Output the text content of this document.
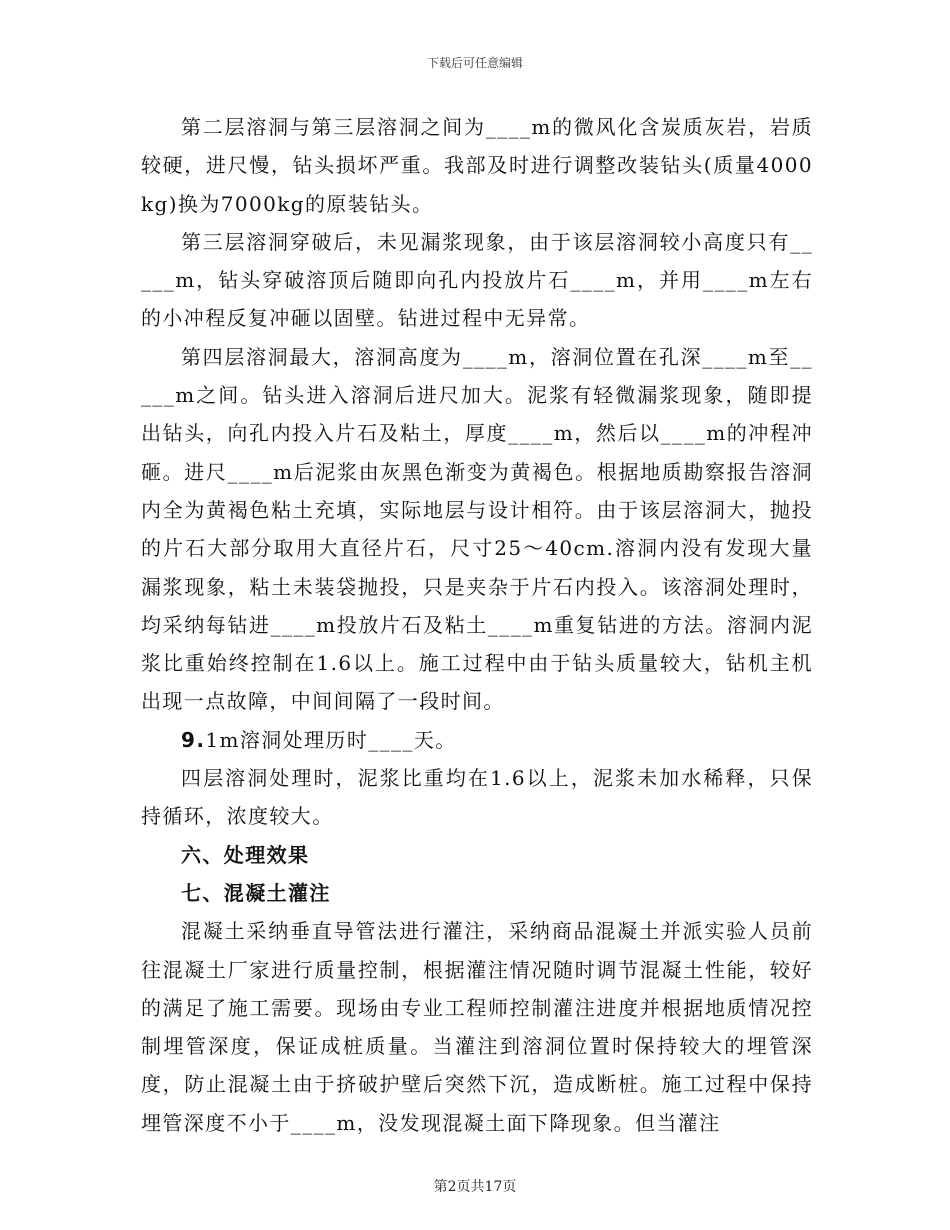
下载后可任意编辑

第二层溶洞与第三层溶洞之间为____m的微风化含炭质灰岩，岩质较硬，进尺慢，钻头损坏严重。我部及时进行调整改装钻头(质量4000kg)换为7000kg的原装钻头。

第三层溶洞穿破后，未见漏浆现象，由于该层溶洞较小高度只有_____m，钻头穿破溶顶后随即向孔内投放片石____m，并用____m左右的小冲程反复冲砸以固壁。钻进过程中无异常。

第四层溶洞最大，溶洞高度为____m，溶洞位置在孔深____m至_____m之间。钻头进入溶洞后进尺加大。泥浆有轻微漏浆现象，随即提出钻头，向孔内投入片石及粘土，厚度____m，然后以____m的冲程冲砸。进尺____m后泥浆由灰黑色渐变为黄褐色。根据地质勘察报告溶洞内全为黄褐色粘土充填，实际地层与设计相符。由于该层溶洞大，抛投的片石大部分取用大直径片石，尺寸25～40cm.溶洞内没有发现大量漏浆现象，粘土未装袋抛投，只是夹杂于片石内投入。该溶洞处理时，均采纳每钻进____m投放片石及粘土____m重复钻进的方法。溶洞内泥浆比重始终控制在1.6以上。施工过程中由于钻头质量较大，钻机主机出现一点故障，中间间隔了一段时间。

9.1m溶洞处理历时____天。

四层溶洞处理时，泥浆比重均在1.6以上，泥浆未加水稀释，只保持循环，浓度较大。

六、处理效果

七、混凝土灌注

混凝土采纳垂直导管法进行灌注，采纳商品混凝土并派实验人员前往混凝土厂家进行质量控制，根据灌注情况随时调节混凝土性能，较好的满足了施工需要。现场由专业工程师控制灌注进度并根据地质情况控制埋管深度，保证成桩质量。当灌注到溶洞位置时保持较大的埋管深度，防止混凝土由于挤破护壁后突然下沉，造成断桩。施工过程中保持埋管深度不小于____m，没发现混凝土面下降现象。但当灌注

第2页共17页
